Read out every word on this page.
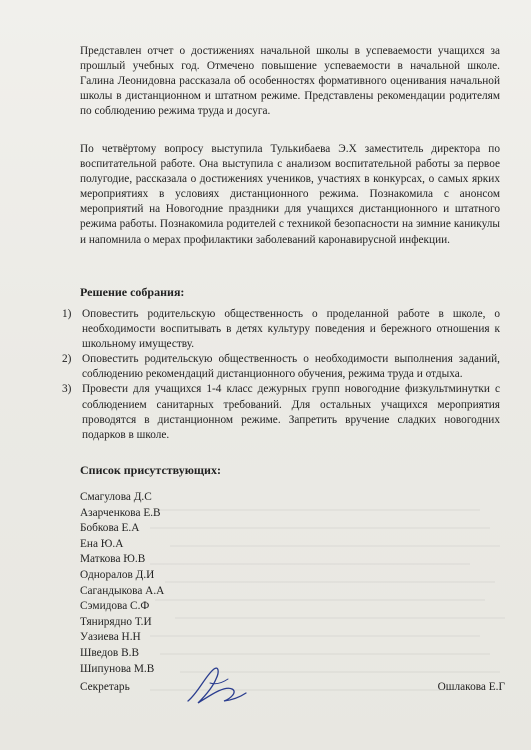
Представлен отчет о достижениях начальной школы в успеваемости учащихся за прошлый учебных год. Отмечено повышение успеваемости в начальной школе. Галина Леонидовна рассказала об особенностях формативного оценивания начальной школы в дистанционном и штатном режиме. Представлены рекомендации родителям по соблюдению режима труда и досуга.

По четвёртому вопросу выступила Тулькибаева Э.Х заместитель директора по воспитательной работе. Она выступила с анализом воспитательной работы за первое полугодие, рассказала о достижениях учеников, участиях в конкурсах, о самых ярких мероприятиях в условиях дистанционного режима. Познакомила с анонсом мероприятий на Новогодние праздники для учащихся дистанционного и штатного режима работы. Познакомила родителей с техникой безопасности на зимние каникулы и напомнила о мерах профилактики заболеваний каронавирусной инфекции.

Решение собрания:
1) Оповестить родительскую общественность о проделанной работе в школе, о необходимости воспитывать в детях культуру поведения и бережного отношения к школьному имуществу.
2) Оповестить родительскую общественность о необходимости выполнения заданий, соблюдению рекомендаций дистанционного обучения, режима труда и отдыха.
3) Провести для учащихся 1-4 класс дежурных групп новогодние физкультминутки с соблюдением санитарных требований. Для остальных учащихся мероприятия проводятся в дистанционном режиме. Запретить вручение сладких новогодних подарков в школе.
Список присутствующих:
Смагулова Д.С
Азарченкова Е.В
Бобкова Е.А
Ена Ю.А
Маткова Ю.В
Одноралов Д.И
Сагандыкова А.А
Сэмидова С.Ф
Тяниряднo Т.И
Уазиева Н.Н
Шведов В.В
Шипунова М.В
Секретарь	Ошлакова Е.Г
